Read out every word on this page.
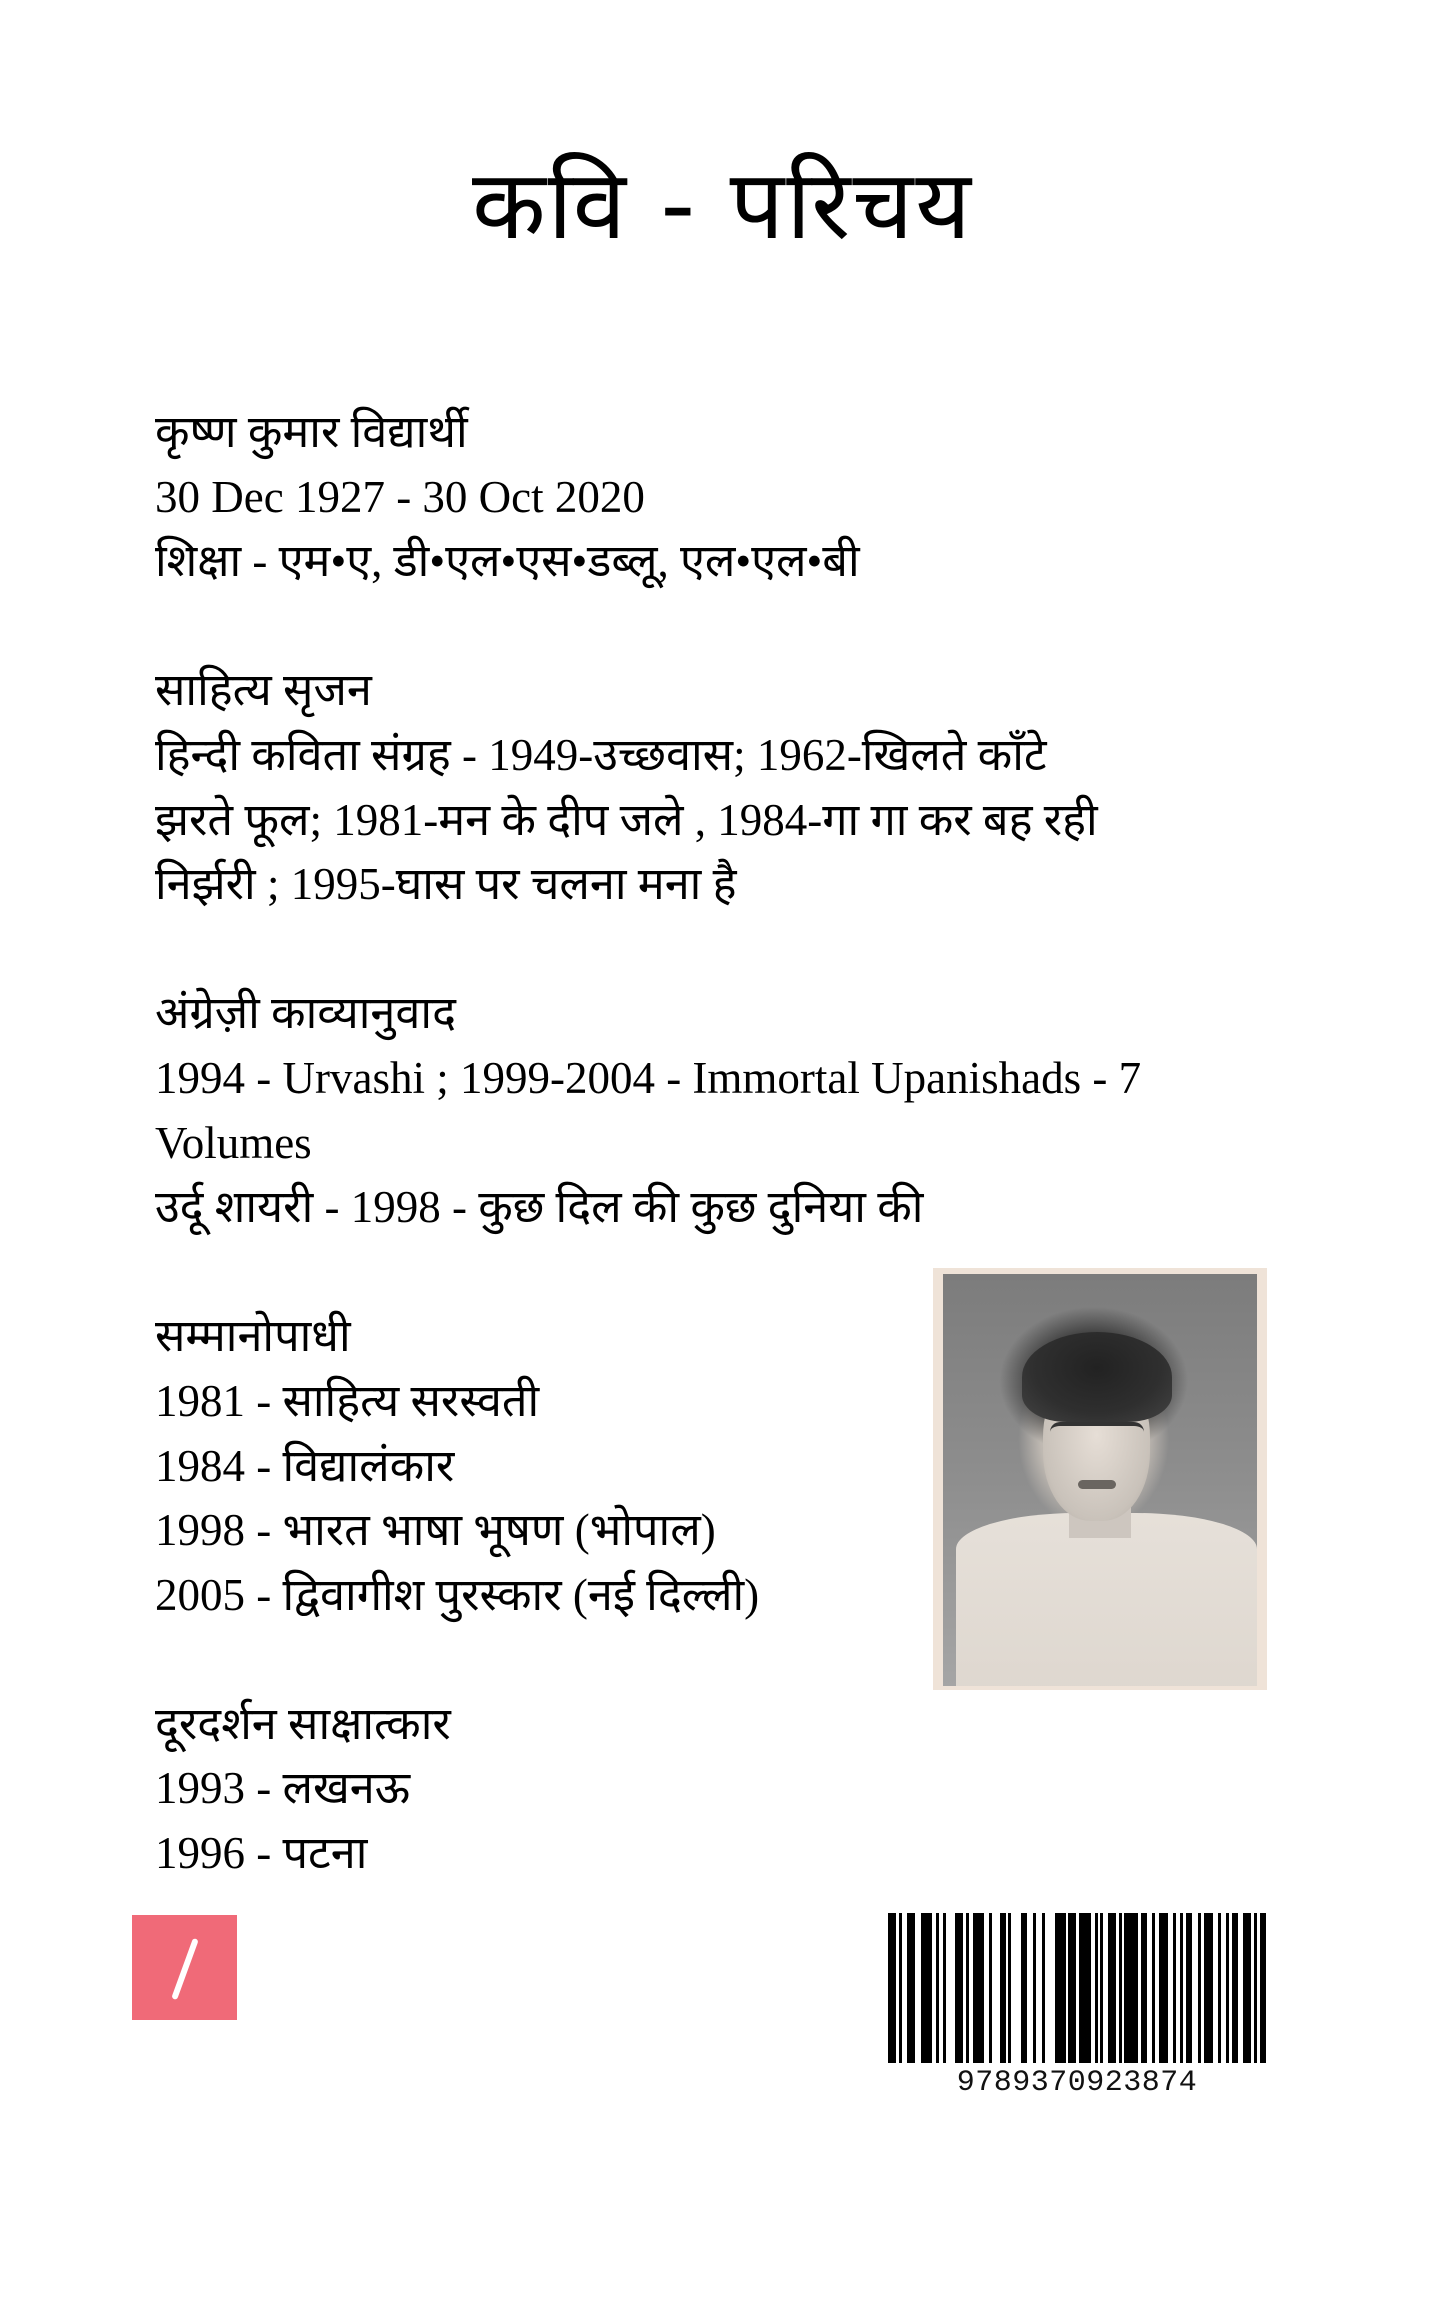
कवि - परिचय
कृष्ण कुमार विद्यार्थी
30 Dec 1927 - 30 Oct 2020
शिक्षा - एम•ए, डी•एल•एस•डब्लू, एल•एल•बी
साहित्य सृजन
हिन्दी कविता संग्रह - 1949-उच्छवास; 1962-खिलते काँटे
झरते फूल; 1981-मन के दीप जले , 1984-गा गा कर बह रही
निर्झरी ; 1995-घास पर चलना मना है
अंग्रेज़ी काव्यानुवाद
1994 - Urvashi ; 1999-2004 - Immortal Upanishads - 7
Volumes
उर्दू शायरी - 1998 - कुछ दिल की कुछ दुनिया की
सम्मानोपाधी
1981 - साहित्य सरस्वती
1984 - विद्यालंकार
1998 - भारत भाषा भूषण (भोपाल)
2005 - द्विवागीश पुरस्कार (नई दिल्ली)
दूरदर्शन साक्षात्कार
1993 - लखनऊ
1996 - पटना
9789370923874
